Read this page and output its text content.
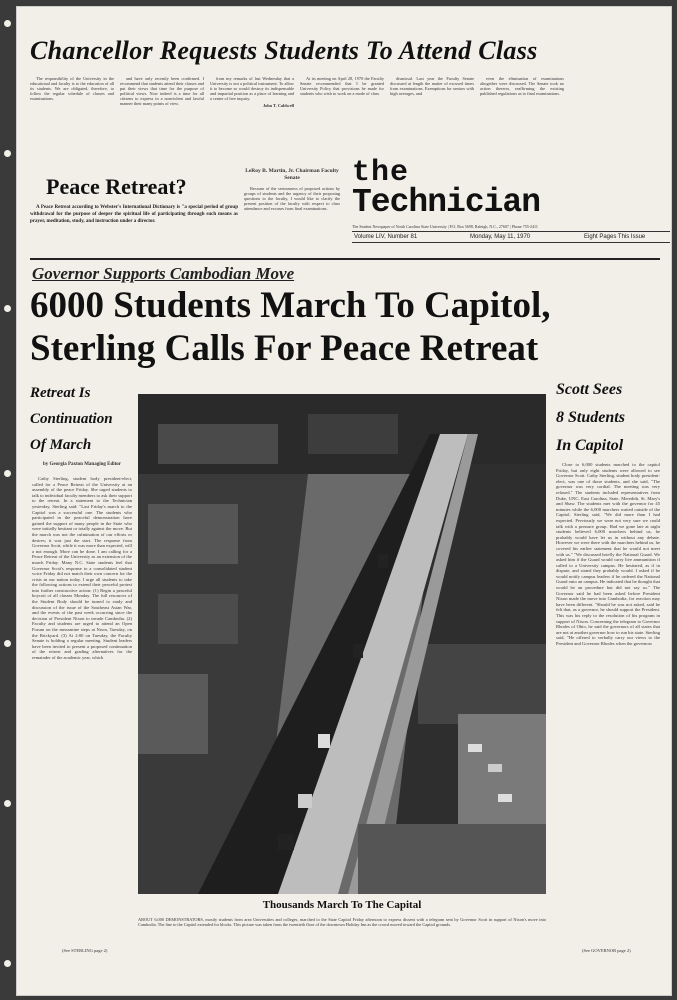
Chancellor Requests Students To Attend Class

The responsibility of the University in the educational and faculty is to the education of all its students. We are obligated, therefore, to follow the regular schedule of classes and examinations.

and have only recently been confirmed. I recommend that students attend their classes and put their views that time for the purpose of political views. Now indeed is a time for all citizens to express in a nonviolent and lawful manner their many points of view.

from my remarks of last Wednesday that a University is not a political instrument. To allow it to become so would destroy its indispensable and impartial position as a place of learning and a center of free inquiry.

John T. Caldwell

At its meeting on April 28, 1970 the Faculty Senate recommended that I be granted University Policy that provisions be made for students who wish to work on a mode of class

dismissal. Last year the Faculty Senate discussed at length the matter of excused times from examinations. Exemptions for seniors with high averages, and

even the elimination of examinations altogether were discussed. The Senate took no action thereon, reaffirming the existing published regulations as to final examinations.

Peace Retreat?

A Peace Retreat according to Webster's International Dictionary is "a special period of group withdrawal for the purpose of deeper the spiritual life of participating through such means as prayer, meditation, study, and instruction under a director.

LeRoy B. Martin, Jr. Chairman Faculty Senate

Because of the seriousness of proposed actions by groups of students and the urgency of their proposing questions to the faculty, I would like to clarify the present position of the faculty with respect to class attendance and excuses from final examinations.

the
Technician
The Student Newspaper of North Carolina State University | P.O. Box 5698, Raleigh, N.C., 27607 | Phone 755-2411
Volume LIV, Number 81	Monday, May 11, 1970	Eight Pages This Issue
Governor Supports Cambodian Move
6000 Students March To Capitol,
Sterling Calls For Peace Retreat
Retreat Is
Continuation
Of March
by Georgia Paxton Managing Editor

Cathy Sterling, student body president-elect, called for a Peace Retreat of the University at an assembly of the peace Friday. She urged students to talk to individual faculty members to ask their support to the retreat. In a statement to the Technician yesterday, Sterling said: "Last Friday's march to the Capitol was a successful one. The students who participated in the peaceful demonstration have gained the support of many people in the State who were initially hesitant or totally against the move. But the march was not the culmination of our efforts or desires; it was just the start. The response from Governor Scott, while it was more than expected, will a not enough. More can be done. I am calling for a Peace Retreat of the University as an extension of the march Friday. Many N.C. State students feel that Governor Scott's response to a consolidated student voice Friday did not match their own concern for the crisis in our nation today. I urge all students to take the following actions to extend their peaceful protest into further constructive action: (1) Begin a peaceful boycott of all classes Monday. The full resources of the Student Body should be turned to study and discussion of the issue of the Southeast Asian War, and the events of the past week occurring since the decision of President Nixon to invade Cambodia. (2) Faculty and students are urged to attend an Open Forum on the mezzanine steps at Noon, Tuesday, on the Brickyard. (3) At 2:00 on Tuesday, the Faculty Senate is holding a regular meeting. Student leaders have been invited to present a proposed continuation of the retreat and grading alternatives for the remainder of the academic year, which

(See STERLING page 2)
Scott Sees
8 Students
In Capitol

Close to 6,000 students marched to the capitol Friday, but only eight students were allowed to see Governor Scott. Cathy Sterling, student body president-elect, was one of those students, and she said, "The governor was very cordial. The meeting was very relaxed." The students included representatives from Duke, UNC, East Carolina, State, Meredith, St. Mary's and Shaw. The students met with the governor for 45 minutes while the 6,000 marchers waited outside of the Capitol. Sterling said, "We did more than I had expected. Previously we were not very sure we could talk with a pressure group. Had we gone late at night students believed 6,000 marchers behind us, he probably would have let us in without any debate. However we were there with the marchers behind us, he covered his earlier statement that he would not meet with us." "We discussed briefly the National Guard. We asked him if the Guard would carry live ammunition if called to a University campus. He hesitated, as if in dispute, and stated they probably would. I asked if he would notify campus leaders if he ordered the National Guard onto an campus. He indicated that he thought that would be an procedure but did not say so." The Governor said he had been asked before President Nixon made the move into Cambodia, for reaction may have been different. "Should he was not asked, said he felt that, as a governor, he should support the President. This was his reply to the resolution of his program in support of Nixon. Concerning the telegram to Governor Rhodes of Ohio, he said the governors of all states that are not at another governor how to run his state. Sterling said, "He offered to verbally carry our views to the President and Governor Rhodes when the governors

(See GOVERNOR page 2)
Thousands March To The Capital
ABOUT 6,000 DEMONSTRATORS, mostly students from area Universities and colleges, marched to the State Capitol Friday afternoon to express dissent with a telegram sent by Governor Scott in support of Nixon's move into Cambodia. The line to the Capitol extended for blocks. This picture was taken from the twentieth floor of the downtown Holiday Inn as the crowd moved toward the Capitol grounds.
